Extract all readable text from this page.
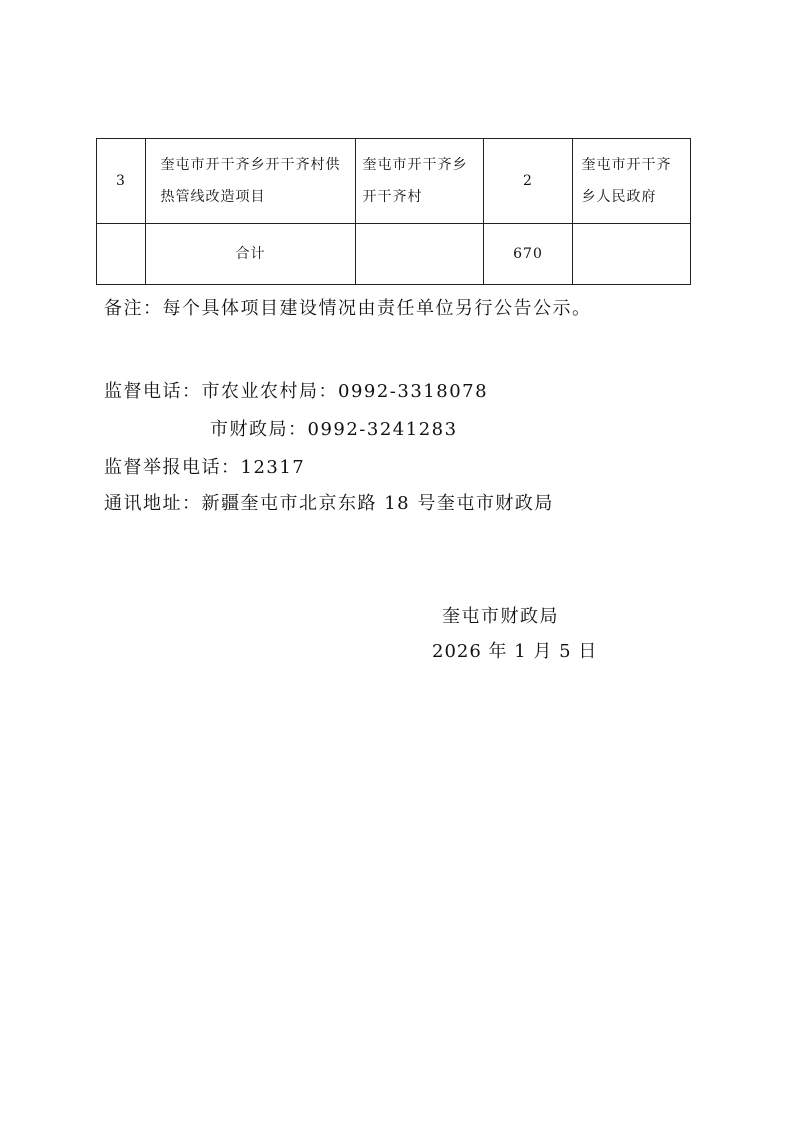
3	奎屯市开干齐乡开干齐村供热管线改造项目	奎屯市开干齐乡开干齐村	2	奎屯市开干齐乡人民政府
	合计		670	
备注：每个具体项目建设情况由责任单位另行公告公示。
监督电话：市农业农村局：0992-3318078
市财政局：0992-3241283
监督举报电话：12317
通讯地址：新疆奎屯市北京东路 18 号奎屯市财政局
奎屯市财政局
2026 年 1 月 5 日
